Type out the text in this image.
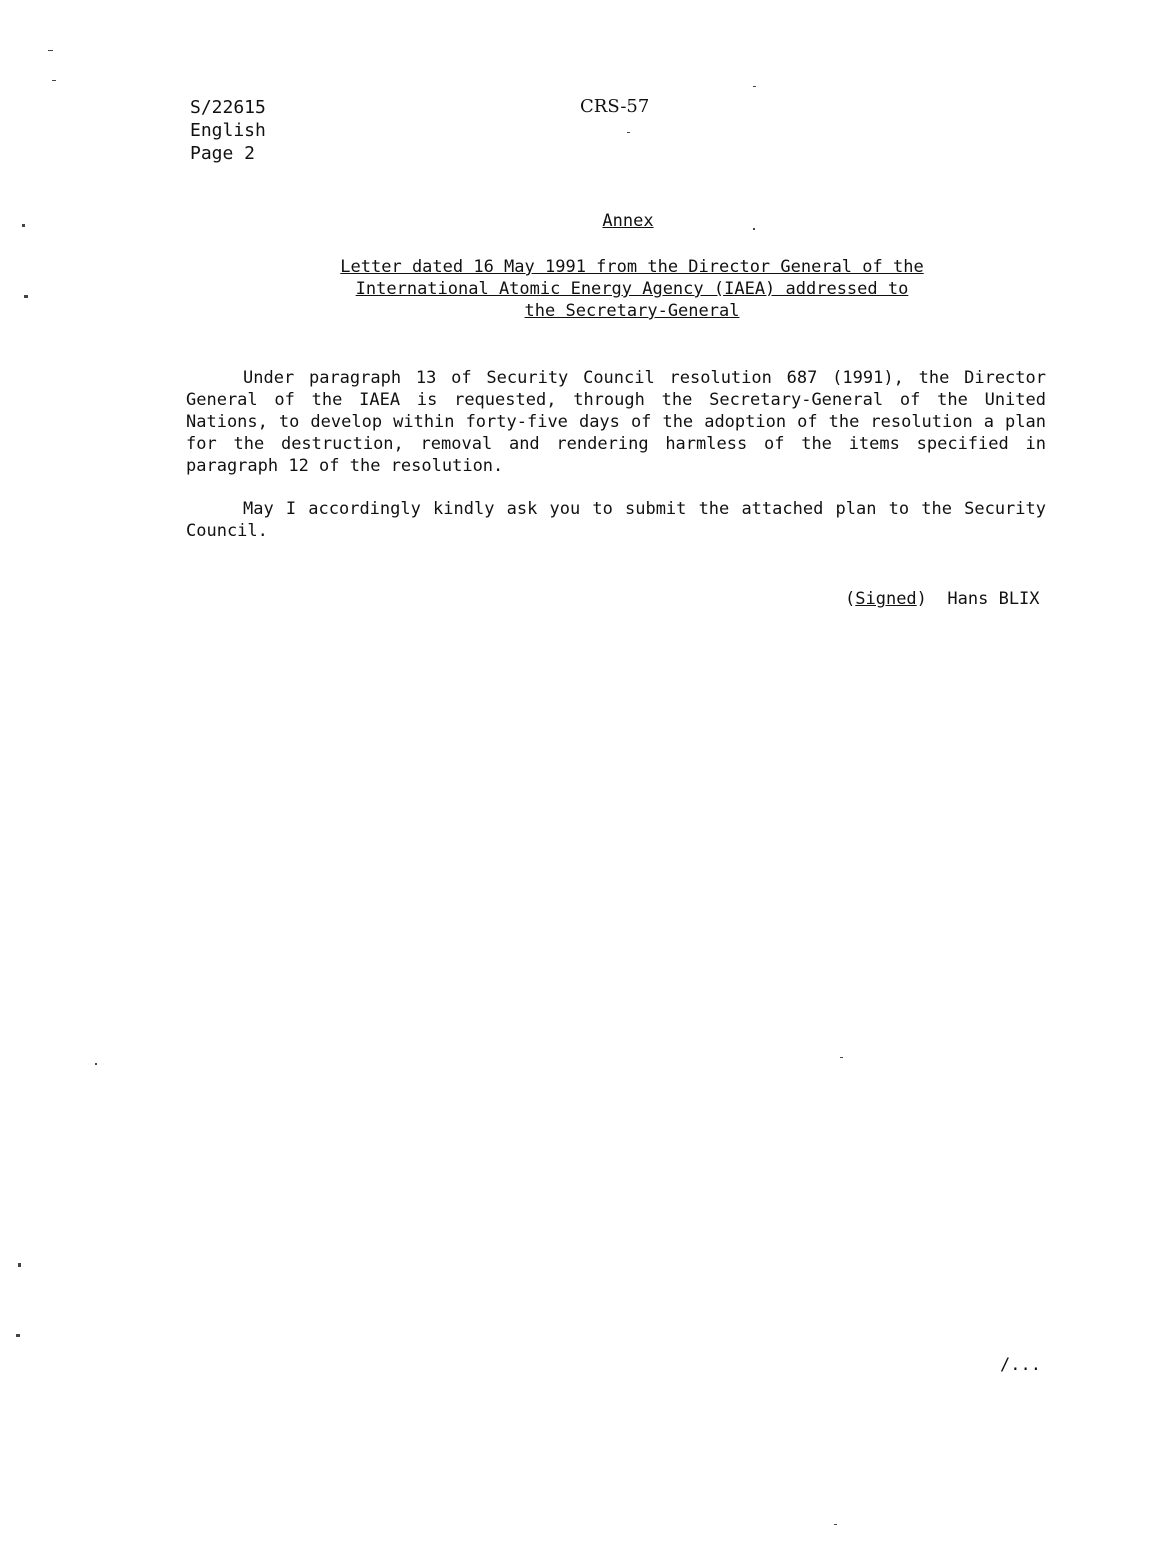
S/22615
English
Page 2
CRS-57
Annex
Letter dated 16 May 1991 from the Director General of the
International Atomic Energy Agency (IAEA) addressed to
the Secretary-General
Under paragraph 13 of Security Council resolution 687 (1991), the Director General of the IAEA is requested, through the Secretary-General of the United Nations, to develop within forty-five days of the adoption of the resolution a plan for the destruction, removal and rendering harmless of the items specified in paragraph 12 of the resolution.
May I accordingly kindly ask you to submit the attached plan to the Security Council.
(Signed) Hans BLIX
/...
